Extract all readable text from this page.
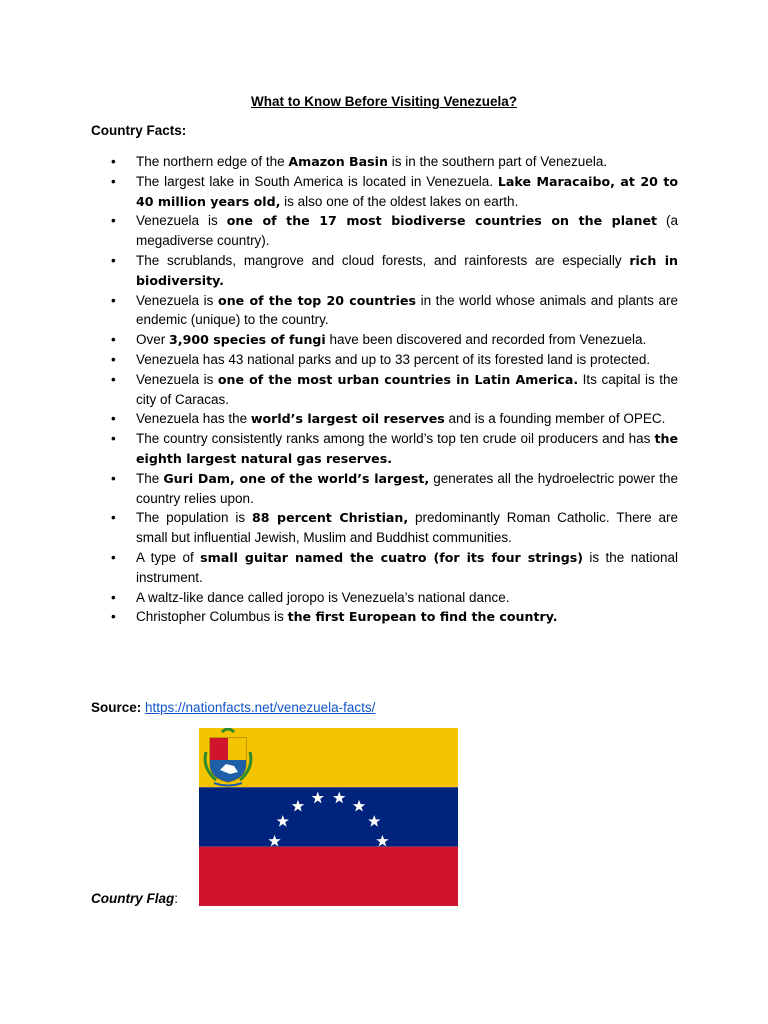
What to Know Before Visiting Venezuela?
Country Facts:
• The northern edge of the Amazon Basin is in the southern part of Venezuela.
• The largest lake in South America is located in Venezuela. Lake Maracaibo, at 20 to 40 million years old, is also one of the oldest lakes on earth.
• Venezuela is one of the 17 most biodiverse countries on the planet (a megadiverse country).
• The scrublands, mangrove and cloud forests, and rainforests are especially rich in biodiversity.
• Venezuela is one of the top 20 countries in the world whose animals and plants are endemic (unique) to the country.
• Over 3,900 species of fungi have been discovered and recorded from Venezuela.
• Venezuela has 43 national parks and up to 33 percent of its forested land is protected.
• Venezuela is one of the most urban countries in Latin America. Its capital is the city of Caracas.
• Venezuela has the world’s largest oil reserves and is a founding member of OPEC.
• The country consistently ranks among the world’s top ten crude oil producers and has the eighth largest natural gas reserves.
• The Guri Dam, one of the world’s largest, generates all the hydroelectric power the country relies upon.
• The population is 88 percent Christian, predominantly Roman Catholic. There are small but influential Jewish, Muslim and Buddhist communities.
• A type of small guitar named the cuatro (for its four strings) is the national instrument.
• A waltz-like dance called joropo is Venezuela’s national dance.
• Christopher Columbus is the first European to find the country.
Source: https://nationfacts.net/venezuela-facts/
Country Flag:
